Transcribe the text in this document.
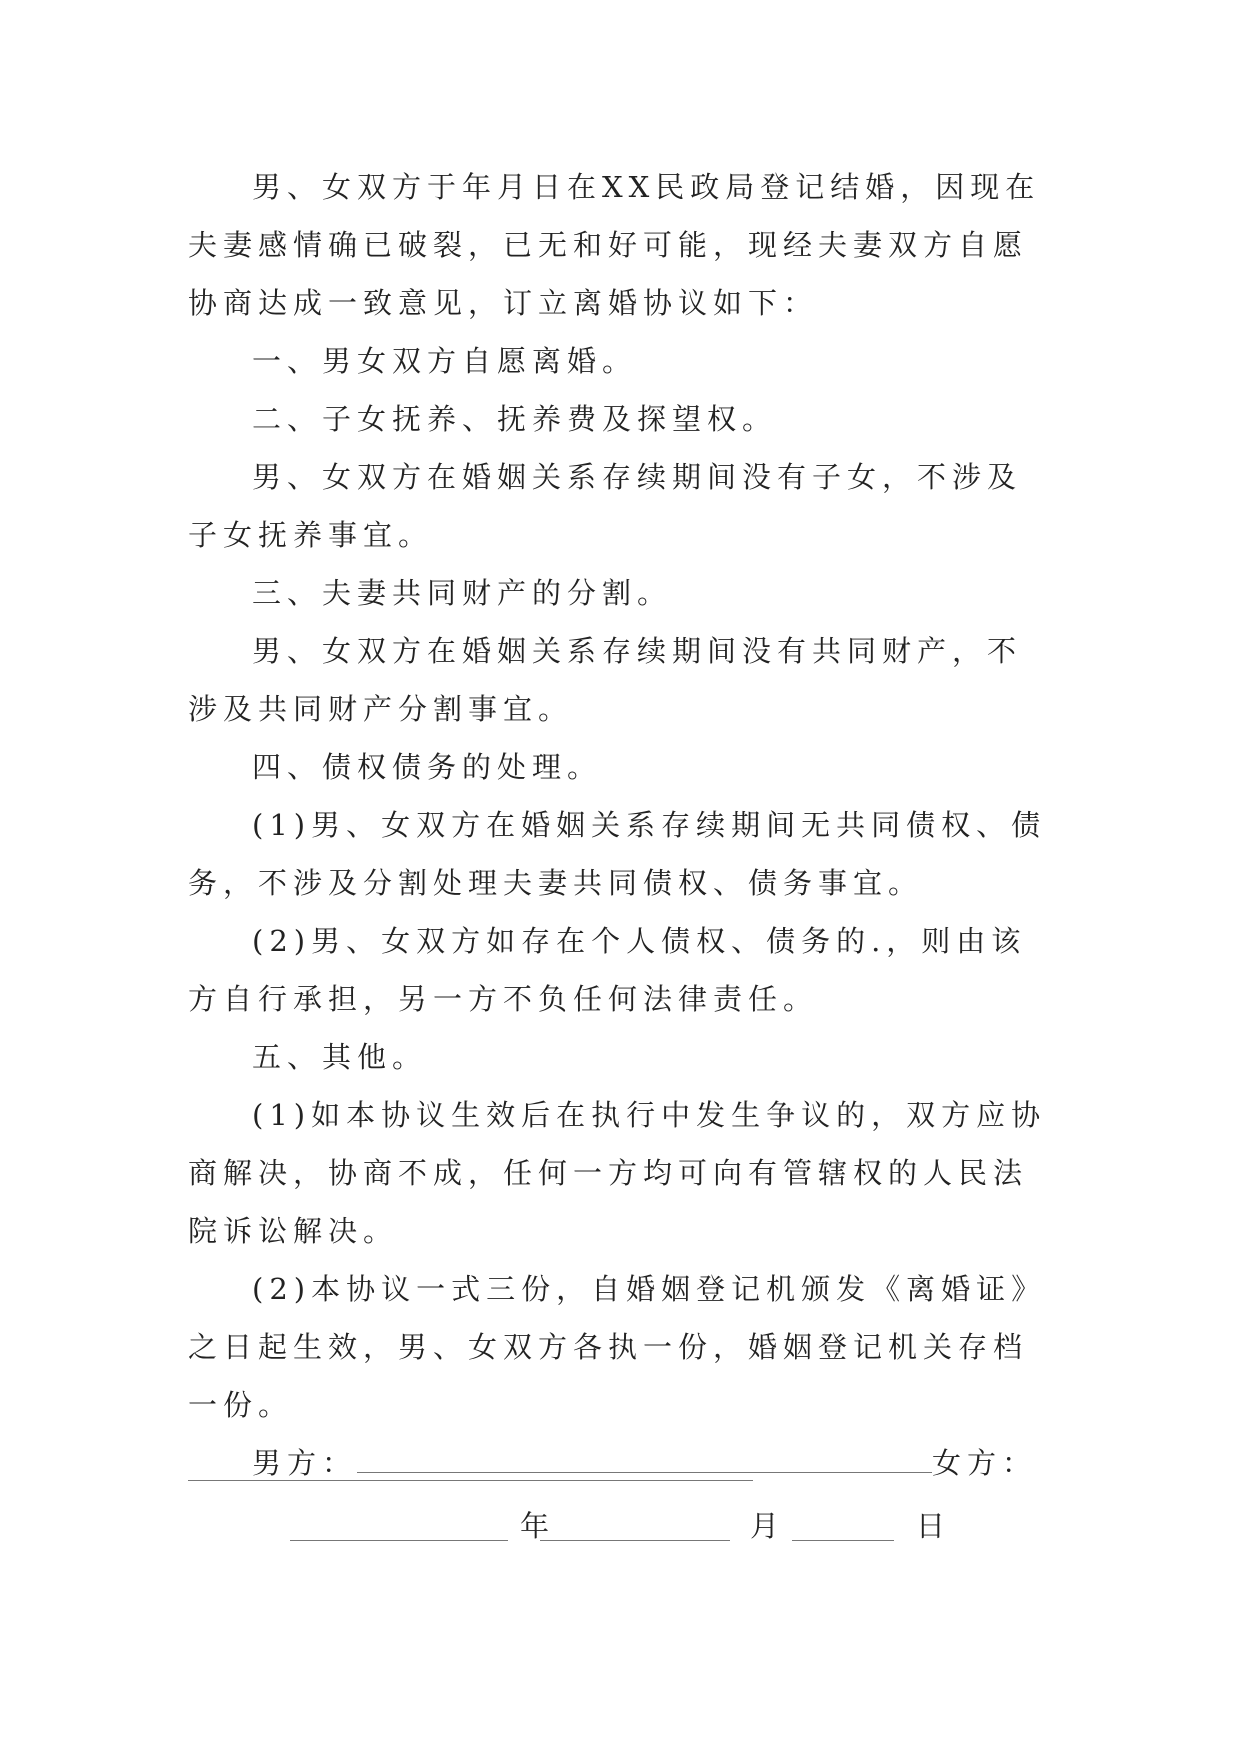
男、女双方于年月日在XX民政局登记结婚，因现在夫妻感情确已破裂，已无和好可能，现经夫妻双方自愿协商达成一致意见，订立离婚协议如下：

一、男女双方自愿离婚。

二、子女抚养、抚养费及探望权。

男、女双方在婚姻关系存续期间没有子女，不涉及子女抚养事宜。

三、夫妻共同财产的分割。

男、女双方在婚姻关系存续期间没有共同财产，不涉及共同财产分割事宜。

四、债权债务的处理。

(1)男、女双方在婚姻关系存续期间无共同债权、债务，不涉及分割处理夫妻共同债权、债务事宜。

(2)男、女双方如存在个人债权、债务的.，则由该方自行承担，另一方不负任何法律责任。

五、其他。

(1)如本协议生效后在执行中发生争议的，双方应协商解决，协商不成，任何一方均可向有管辖权的人民法院诉讼解决。

(2)本协议一式三份，自婚姻登记机颁发《离婚证》之日起生效，男、女双方各执一份，婚姻登记机关存档一份。

男方：	女方：

年	月	日
